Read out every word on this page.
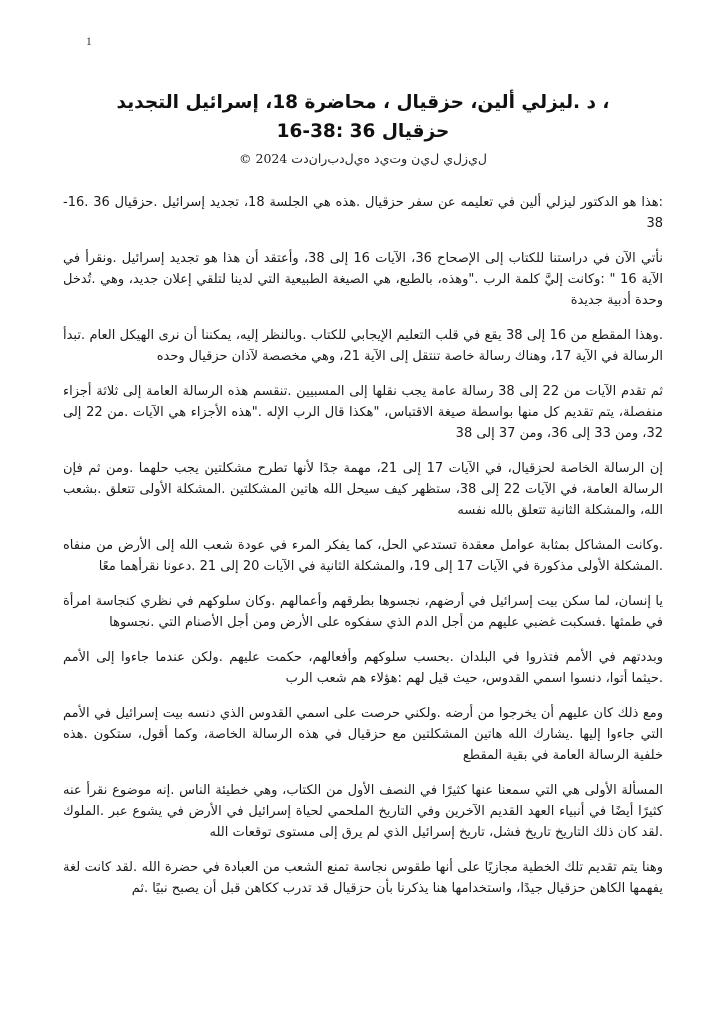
1
، د .ليزلي ألين، حزقيال ، محاضرة 18، إسرائيل التجديد
حزقيال 36 :38-16
ل‌ي‌ز‌ل‌ي ل‌ي‌ن و‌ت‌ي‌د ه‌ي‌ل‌د‌ب‌ر‌ا‌ن‌د‌ت 2024 ©

:هذا هو الدكتور ليزلي ألين في تعليمه عن سفر حزقيال .هذه هي الجلسة 18، تجديد إسرائيل .حزقيال 36 .16-38

نأتي الآن في دراستنا للكتاب إلى الإصحاح 36، الآيات 16 إلى 38، وأعتقد أن هذا هو تجديد إسرائيل .ونقرأ في الآية 16 " :وكانت إليَّ كلمة الرب ."وهذه، بالطبع، هي الصيغة الطبيعية التي لدينا لتلقي إعلان جديد، وهي .تُدخل وحدة أدبية جديدة

.وهذا المقطع من 16 إلى 38 يقع في قلب التعليم الإيجابي للكتاب .وبالنظر إليه، يمكننا أن نرى الهيكل العام .تبدأ الرسالة في الآية 17، وهناك رسالة خاصة تنتقل إلى الآية 21، وهي مخصصة لآذان حزقيال وحده

ثم تقدم الآيات من 22 إلى 38 رسالة عامة يجب نقلها إلى المسبيين .تنقسم هذه الرسالة العامة إلى ثلاثة أجزاء منفصلة، يتم تقديم كل منها بواسطة صيغة الاقتباس، "هكذا قال الرب الإله ."هذه الأجزاء هي الآيات .من 22 إلى 32، ومن 33 إلى 36، ومن 37 إلى 38

إن الرسالة الخاصة لحزقيال، في الآيات 17 إلى 21، مهمة جدًا لأنها تطرح مشكلتين يجب حلهما .ومن ثم فإن الرسالة العامة، في الآيات 22 إلى 38، ستظهر كيف سيحل الله هاتين المشكلتين .المشكلة الأولى تتعلق .بشعب الله، والمشكلة الثانية تتعلق بالله نفسه

.وكانت المشاكل بمثابة عوامل معقدة تستدعي الحل، كما يفكر المرء في عودة شعب الله إلى الأرض من منفاه .المشكلة الأولى مذكورة في الآيات 17 إلى 19، والمشكلة الثانية في الآيات 20 إلى 21 .دعونا نقرأهما معًا

يا إنسان، لما سكن بيت إسرائيل في أرضهم، نجسوها بطرقهم وأعمالهم .وكان سلوكهم في نظري كنجاسة امرأة في طمثها .فسكبت غضبي عليهم من أجل الدم الذي سفكوه على الأرض ومن أجل الأصنام التي .نجسوها

وبددتهم في الأمم فتذروا في البلدان .بحسب سلوكهم وأفعالهم، حكمت عليهم .ولكن عندما جاءوا إلى الأمم .حيثما أتوا، دنسوا اسمي القدوس، حيث قيل لهم :هؤلاء هم شعب الرب

ومع ذلك كان عليهم أن يخرجوا من أرضه .ولكني حرصت على اسمي القدوس الذي دنسه بيت إسرائيل في الأمم التي جاءوا إليها .يشارك الله هاتين المشكلتين مع حزقيال في هذه الرسالة الخاصة، وكما أقول، ستكون .هذه خلفية الرسالة العامة في بقية المقطع

المسألة الأولى هي التي سمعنا عنها كثيرًا في النصف الأول من الكتاب، وهي خطيئة الناس .إنه موضوع نقرأ عنه كثيرًا أيضًا في أنبياء العهد القديم الآخرين وفي التاريخ الملحمي لحياة إسرائيل في الأرض في يشوع عبر .الملوك .لقد كان ذلك التاريخ تاريخ فشل، تاريخ إسرائيل الذي لم يرق إلى مستوى توقعات الله

وهنا يتم تقديم تلك الخطية مجازيًا على أنها طقوس نجاسة تمنع الشعب من العبادة في حضرة الله .لقد كانت لغة يفهمها الكاهن حزقيال جيدًا، واستخدامها هنا يذكرنا بأن حزقيال قد تدرب ككاهن قبل أن يصبح نبيًا .ثم
